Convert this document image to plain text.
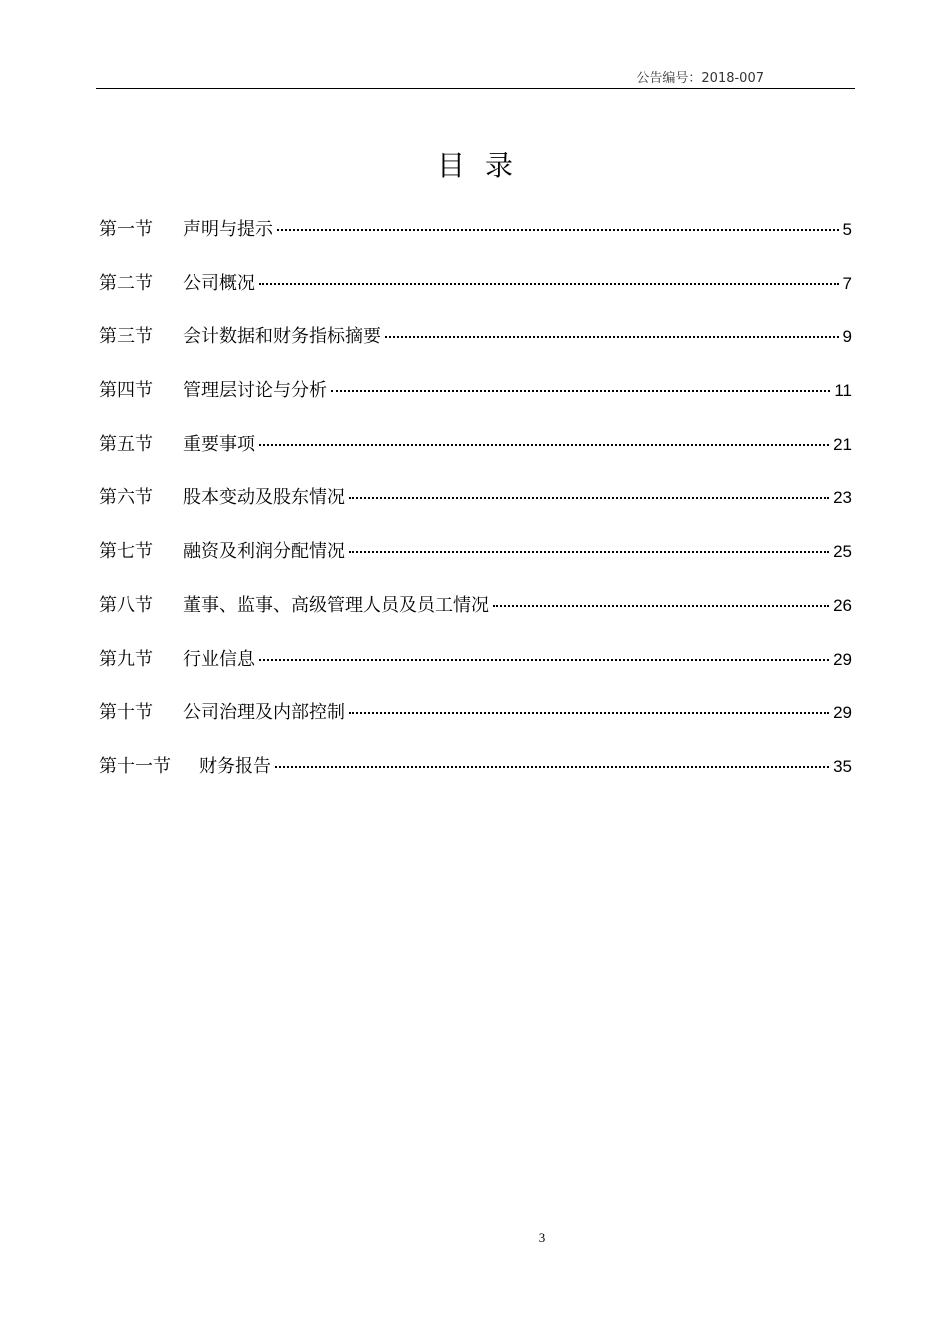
公告编号：2018-007
目录
第一节	声明与提示	5
第二节	公司概况	7
第三节	会计数据和财务指标摘要	9
第四节	管理层讨论与分析	11
第五节	重要事项	21
第六节	股本变动及股东情况	23
第七节	融资及利润分配情况	25
第八节	董事、监事、高级管理人员及员工情况	26
第九节	行业信息	29
第十节	公司治理及内部控制	29
第十一节	财务报告	35
3
